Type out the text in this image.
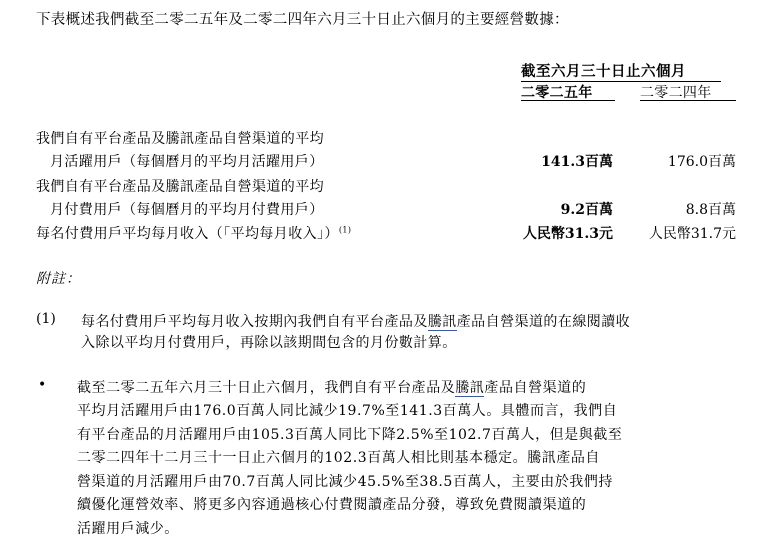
下表概述我們截至二零二五年及二零二四年六月三十日止六個月的主要經營數據：
截至六月三十日止六個月
二零二五年	二零二四年
我們自有平台產品及騰訊產品自營渠道的平均
月活躍用戶（每個曆月的平均月活躍用戶）	141.3百萬	176.0百萬
我們自有平台產品及騰訊產品自營渠道的平均
月付費用戶（每個曆月的平均月付費用戶）	9.2百萬	8.8百萬
每名付費用戶平均每月收入（「平均每月收入」）$^{(1)}$	人民幣31.3元	人民幣31.7元
附註：
(1) 每名付費用戶平均每月收入按期內我們自有平台產品及騰訊產品自營渠道的在線閱讀收
入除以平均月付費用戶，再除以該期間包含的月份數計算。
• 截至二零二五年六月三十日止六個月，我們自有平台產品及騰訊產品自營渠道的
平均月活躍用戶由176.0百萬人同比減少19.7%至141.3百萬人。具體而言，我們自
有平台產品的月活躍用戶由105.3百萬人同比下降2.5%至102.7百萬人，但是與截至
二零二四年十二月三十一日止六個月的102.3百萬人相比則基本穩定。騰訊產品自
營渠道的月活躍用戶由70.7百萬人同比減少45.5%至38.5百萬人，主要由於我們持
續優化運營效率、將更多內容通過核心付費閱讀產品分發，導致免費閱讀渠道的
活躍用戶減少。
